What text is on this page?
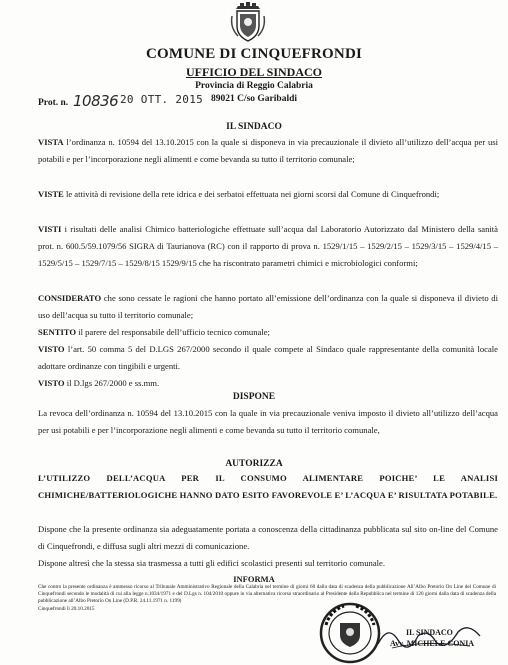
COMUNE DI CINQUEFRONDI
UFFICIO DEL SINDACO
Provincia di Reggio Calabria
89021 C/so Garibaldi
Prot. n. 10836 20 OTT. 2015
IL SINDACO

VISTA l’ordinanza n. 10594 del 13.10.2015 con la quale si disponeva in via precauzionale il divieto all’utilizzo dell’acqua per usi potabili e per l’incorporazione negli alimenti e come bevanda su tutto il territorio comunale;

VISTE le attività di revisione della rete idrica e dei serbatoi effettuata nei giorni scorsi dal Comune di Cinquefrondi;

VISTI i risultati delle analisi Chimico batteriologiche effettuate sull’acqua dal Laboratorio Autorizzato dal Ministero della sanità prot. n. 600.5/59.1079/56 SIGRA di Taurianova (RC) con il rapporto di prova n. 1529/1/15 – 1529/2/15 – 1529/3/15 – 1529/4/15 – 1529/5/15 – 1529/7/15 – 1529/8/15 1529/9/15 che ha riscontrato parametri chimici e microbiologici conformi;

CONSIDERATO che sono cessate le ragioni che hanno portato all’emissione dell’ordinanza con la quale si disponeva il divieto di uso dell’acqua su tutto il territorio comunale;

SENTITO il parere del responsabile dell’ufficio tecnico comunale;

VISTO l’art. 50 comma 5 del D.LGS 267/2000 secondo il quale compete al Sindaco quale rappresentante della comunità locale adottare ordinanze con tingibili e urgenti.

VISTO il D.lgs 267/2000 e ss.mm.

DISPONE

La revoca dell’ordinanza n. 10594 del 13.10.2015 con la quale in via precauzionale veniva imposto il divieto all’utilizzo dell’acqua per usi potabili e per l’incorporazione negli alimenti e come bevanda su tutto il territorio comunale,

AUTORIZZA

L’UTILIZZO DELL’ACQUA PER IL CONSUMO ALIMENTARE POICHE’ LE ANALISI CHIMICHE/BATTERIOLOGICHE HANNO DATO ESITO FAVOREVOLE E’ L’ACQUA E’ RISULTATA POTABILE.

Dispone che la presente ordinanza sia adeguatamente portata a conoscenza della cittadinanza pubblicata sul sito on-line del Comune di Cinquefrondi, e diffusa sugli altri mezzi di comunicazione.

Dispone altresì che la stessa sia trasmessa a tutti gli edifici scolastici presenti sul territorio comunale.

INFORMA

Che contro la presente ordinanza è ammesso ricorso al Tribunale Amministrativo Regionale della Calabria nel termine di giorni 60 dalla data di scadenza della pubblicazione All’Albo Pretorio On Line del Comune di Cinquefrondi secondo le modalità di cui alla legge n.1034/1971 e del D.Lgs n. 104/2010 oppure in via alternativa ricorso straordinario al Presidente della Repubblica nel termine di 120 giorni dalla data di scadenza della pubblicazione all’Albo Pretorio On Line (D.P.R. 24.11.1971 n. 1199)
Cinquefrondi lì 20.10.2015

IL SINDACO
Avv. MICHELE CONIA
